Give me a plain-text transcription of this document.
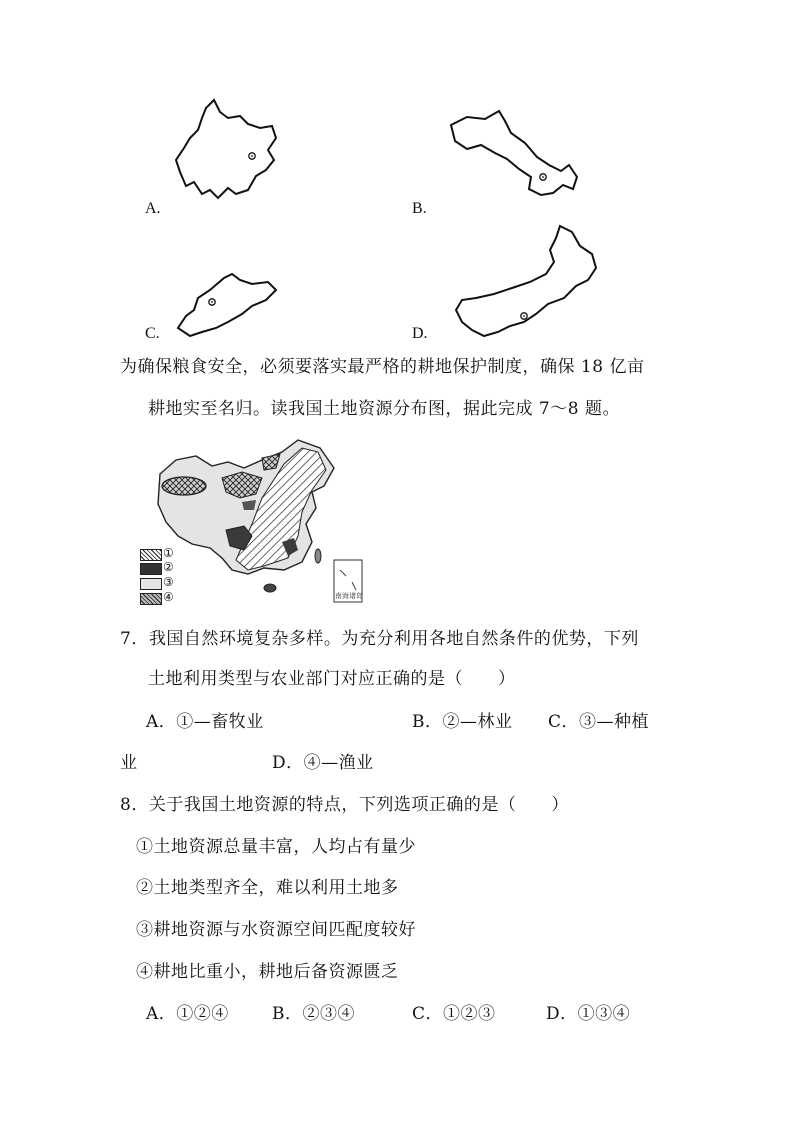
A.	B.
C.	D.
为确保粮食安全，必须要落实最严格的耕地保护制度，确保 18 亿亩
耕地实至名归。读我国土地资源分布图，据此完成 7～8 题。
南海诸岛
①
②
③
④
7．我国自然环境复杂多样。为充分利用各地自然条件的优势，下列
土地利用类型与农业部门对应正确的是（　　）
A．①—畜牧业	B．②—林业 C．③—种植
业	D．④—渔业
8．关于我国土地资源的特点，下列选项正确的是（　　）
①土地资源总量丰富，人均占有量少
②土地类型齐全，难以利用土地多
③耕地资源与水资源空间匹配度较好
④耕地比重小，耕地后备资源匮乏
A．①②④	B．②③④	C．①②③	D．①③④
